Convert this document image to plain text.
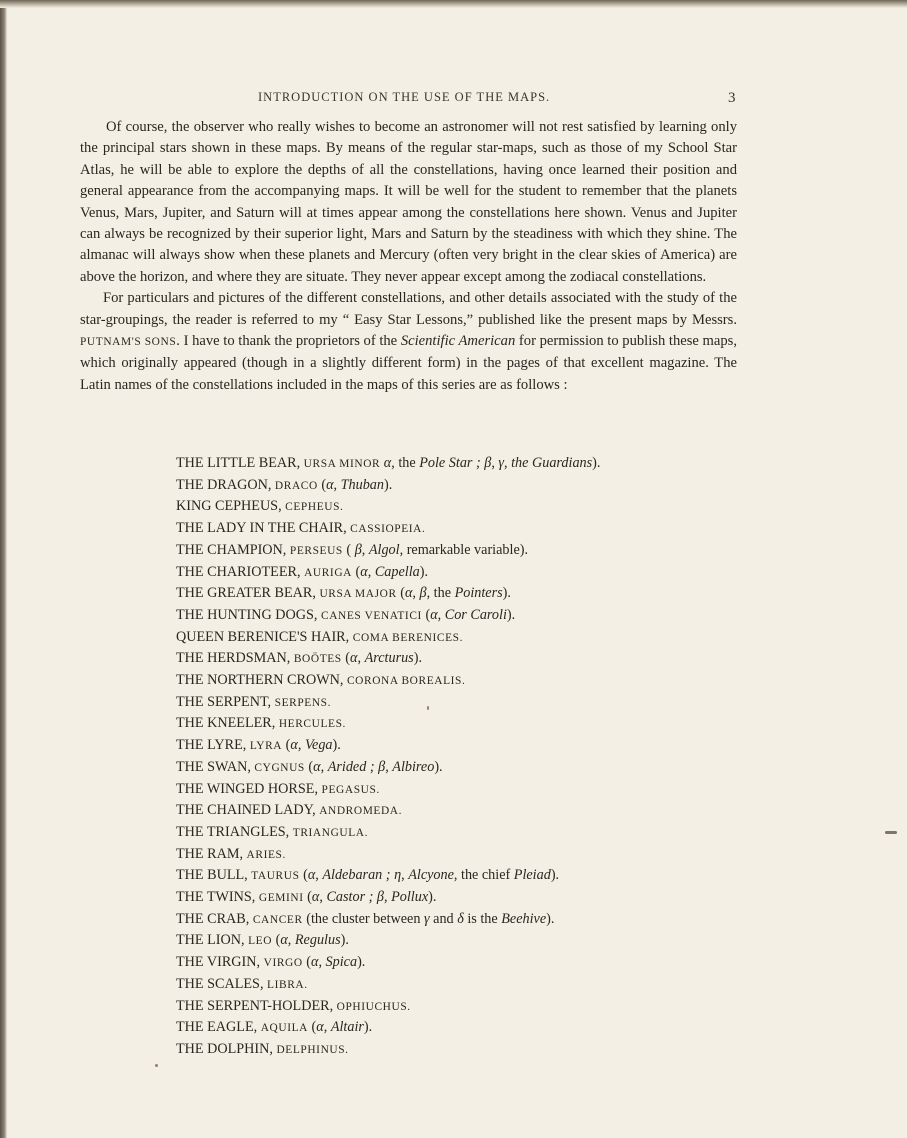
INTRODUCTION ON THE USE OF THE MAPS.	3

Of course, the observer who really wishes to become an astronomer will not rest satisfied by learning only the principal stars shown in these maps. By means of the regular star-maps, such as those of my School Star Atlas, he will be able to explore the depths of all the constellations, having once learned their position and general appearance from the accompanying maps. It will be well for the student to remember that the planets Venus, Mars, Jupiter, and Saturn will at times appear among the constellations here shown. Venus and Jupiter can always be recognized by their superior light, Mars and Saturn by the steadiness with which they shine. The almanac will always show when these planets and Mercury (often very bright in the clear skies of America) are above the horizon, and where they are situate. They never appear except among the zodiacal constellations.

For particulars and pictures of the different constellations, and other details associated with the study of the star-groupings, the reader is referred to my “ Easy Star Lessons,” published like the present maps by Messrs. PUTNAM'S SONS. I have to thank the proprietors of the Scientific American for permission to publish these maps, which originally appeared (though in a slightly different form) in the pages of that excellent magazine. The Latin names of the constellations included in the maps of this series are as follows :

THE LITTLE BEAR, URSA MINOR α, the Pole Star ; β, γ, the Guardians).
THE DRAGON, DRACO (α, Thuban).
KING CEPHEUS, CEPHEUS.
THE LADY IN THE CHAIR, CASSIOPEIA.
THE CHAMPION, PERSEUS ( β, Algol, remarkable variable).
THE CHARIOTEER, AURIGA (α, Capella).
THE GREATER BEAR, URSA MAJOR (α, β, the Pointers).
THE HUNTING DOGS, CANES VENATICI (α, Cor Caroli).
QUEEN BERENICE'S HAIR, COMA BERENICES.
THE HERDSMAN, BOÖTES (α, Arcturus).
THE NORTHERN CROWN, CORONA BOREALIS.
THE SERPENT, SERPENS.
THE KNEELER, HERCULES.
THE LYRE, LYRA (α, Vega).
THE SWAN, CYGNUS (α, Arided ; β, Albireo).
THE WINGED HORSE, PEGASUS.
THE CHAINED LADY, ANDROMEDA.
THE TRIANGLES, TRIANGULA.
THE RAM, ARIES.
THE BULL, TAURUS (α, Aldebaran ; η, Alcyone, the chief Pleiad).
THE TWINS, GEMINI (α, Castor ; β, Pollux).
THE CRAB, CANCER (the cluster between γ and δ is the Beehive).
THE LION, LEO (α, Regulus).
THE VIRGIN, VIRGO (α, Spica).
THE SCALES, LIBRA.
THE SERPENT-HOLDER, OPHIUCHUS.
THE EAGLE, AQUILA (α, Altair).
THE DOLPHIN, DELPHINUS.
